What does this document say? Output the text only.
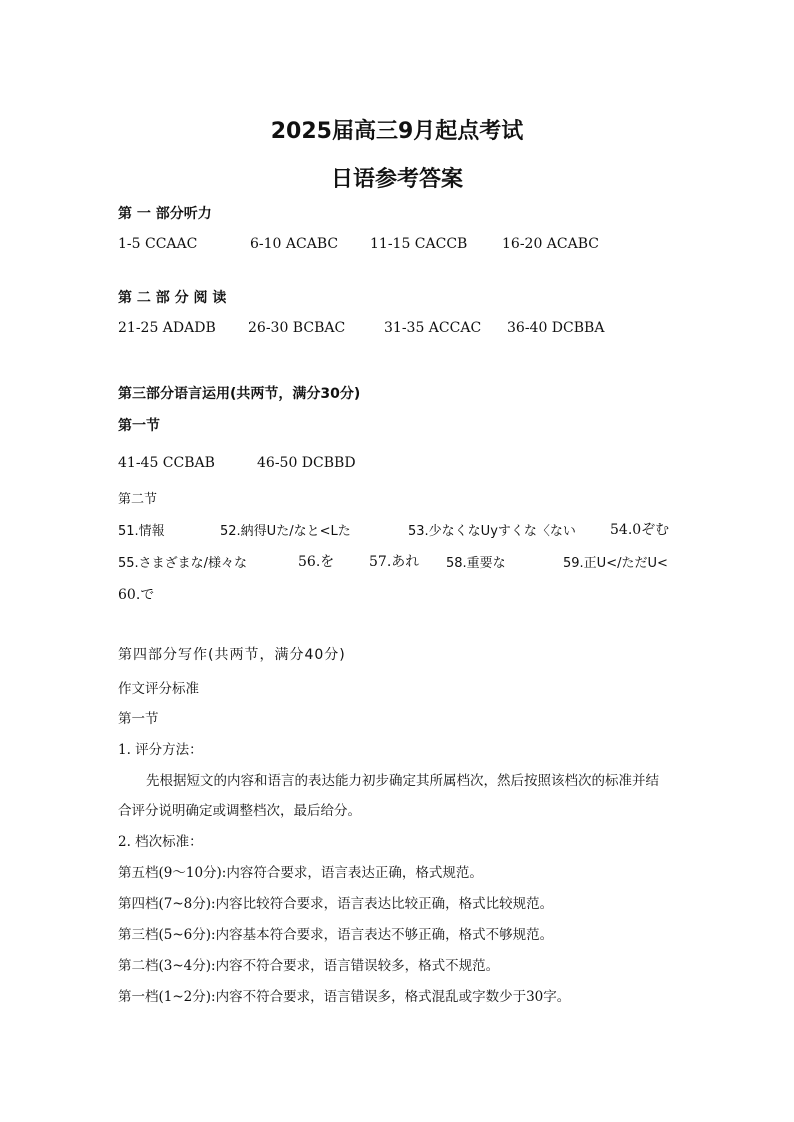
2025届高三9月起点考试
日语参考答案
第 一 部分听力
1-5 CCAAC	6-10 ACABC 11-15 CACCB 16-20 ACABC
第 二 部 分 阅 读
21-25 ADADB 26-30 BCBAC	31-35 ACCAC 36-40 DCBBA
第三部分语言运用(共两节，满分30分)
第一节
41-45 CCBAB	46-50 DCBBD
第二节
51.情報	52.納得Uた/なと<Lた	53.少なくなUyすくな〈ない 54.0ぞむ
55.さまざまな/様々な	56.を 57.あれ 58.重要な	59.正U</ただU<
60.で
第四部分写作(共两节，满分40分)
作文评分标准
第一节
1. 评分方法：
先根据短文的内容和语言的表达能力初步确定其所属档次，然后按照该档次的标准并结
合评分说明确定或调整档次，最后给分。
2. 档次标准：
第五档(9～10分):内容符合要求，语言表达正确，格式规范。
第四档(7~8分):内容比较符合要求，语言表达比较正确，格式比较规范。
第三档(5~6分):内容基本符合要求，语言表达不够正确，格式不够规范。
第二档(3~4分):内容不符合要求，语言错误较多，格式不规范。
第一档(1~2分):内容不符合要求，语言错误多，格式混乱或字数少于30字。
